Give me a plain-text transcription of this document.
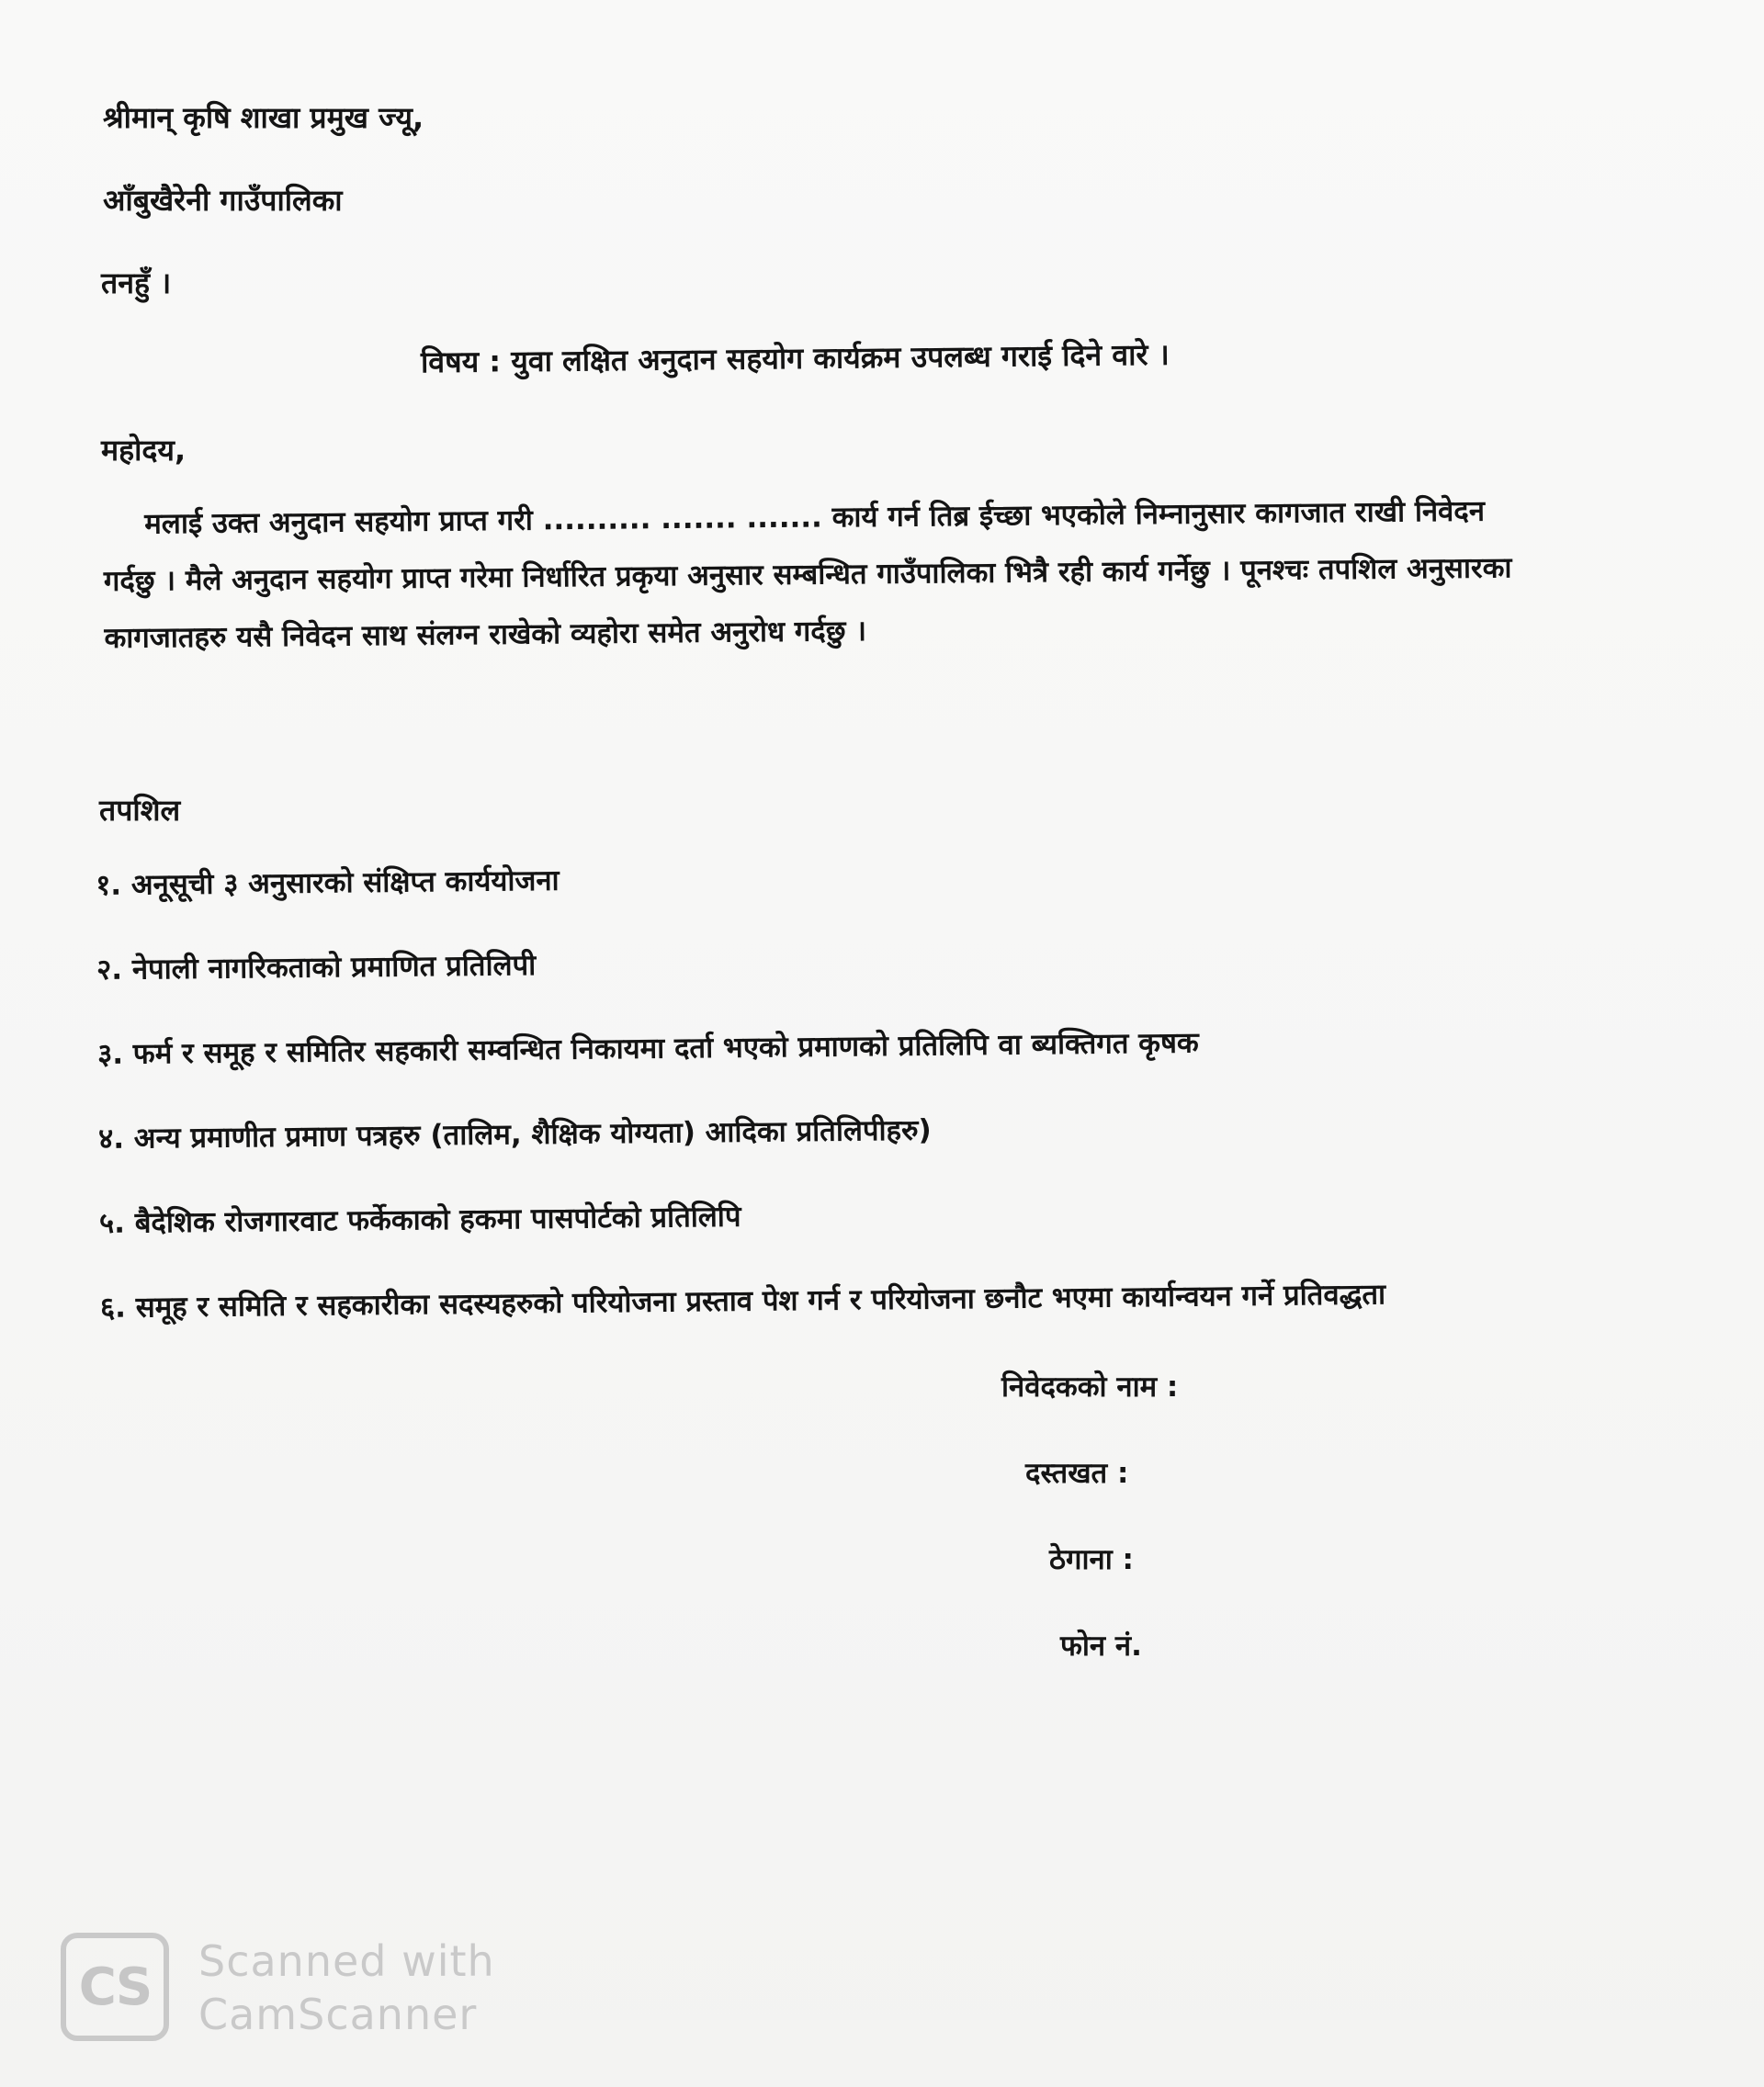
श्रीमान् कृषि शाखा प्रमुख ज्यू,
आँबुखैरेनी गाउँपालिका
तनहुँ ।
विषय : युवा लक्षित अनुदान सहयोग कार्यक्रम उपलब्ध गराई दिने वारे ।
महोदय,
मलाई उक्त अनुदान सहयोग प्राप्त गरी .......... ....... ....... कार्य गर्न तिब्र ईच्छा भएकोले निम्नानुसार कागजात राखी निवेदन गर्दछु । मैले अनुदान सहयोग प्राप्त गरेमा निर्धारित प्रकृया अनुसार सम्बन्धित गाउँपालिका भित्रै रही कार्य गर्नेछु । पूनश्चः तपशिल अनुसारका कागजातहरु यसै निवेदन साथ संलग्न राखेको व्यहोरा समेत अनुरोध गर्दछु ।
तपशिल
१. अनूसूची ३ अनुसारको संक्षिप्त कार्ययोजना
२. नेपाली नागरिकताको प्रमाणित प्रतिलिपी
३. फर्म र समूह र समितिर सहकारी सम्वन्धित निकायमा दर्ता भएको प्रमाणको प्रतिलिपि वा ब्यक्तिगत कृषक
४. अन्य प्रमाणीत प्रमाण पत्रहरु (तालिम, शैक्षिक योग्यता) आदिका प्रतिलिपीहरु)
५. बैदेशिक रोजगारवाट फर्केकाको हकमा पासपोर्टको प्रतिलिपि
६. समूह र समिति र सहकारीका सदस्यहरुको परियोजना प्रस्ताव पेश गर्न र परियोजना छनौट भएमा कार्यान्वयन गर्ने प्रतिवद्धता
निवेदकको नाम :
दस्तखत :
ठेगाना :
फोन नं.
CS	Scanned with
CamScanner
